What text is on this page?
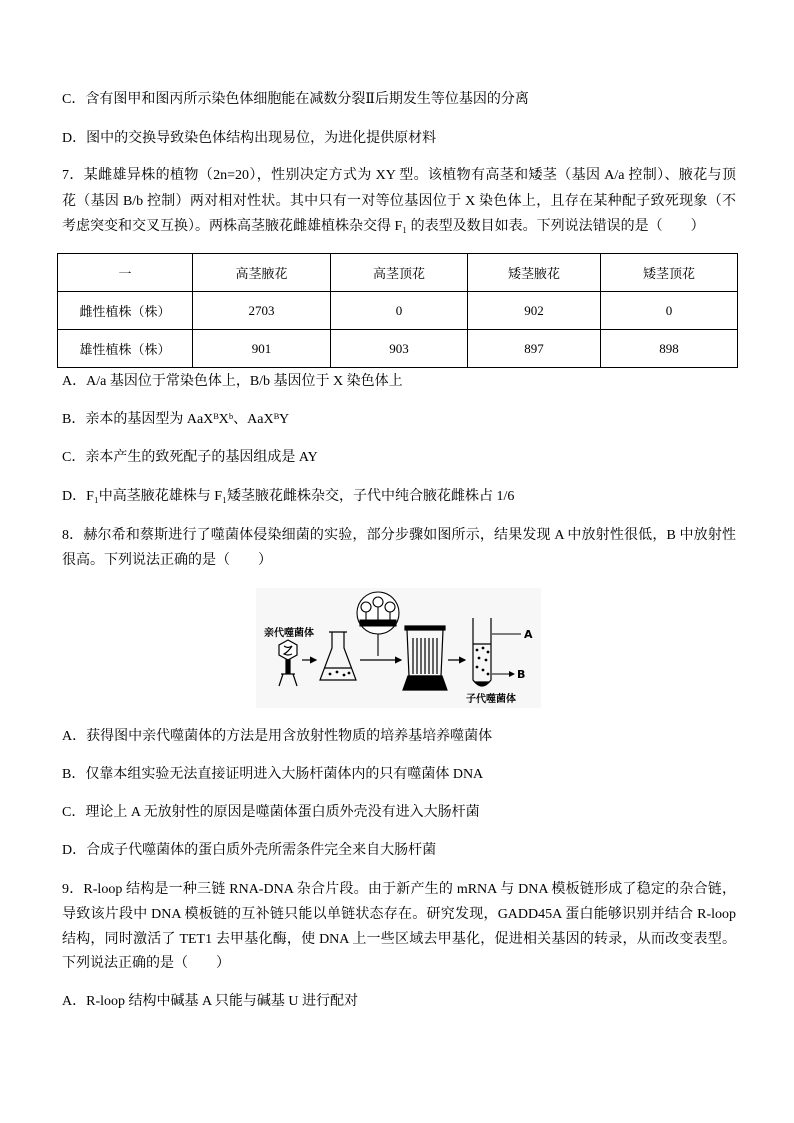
C．含有图甲和图丙所示染色体细胞能在减数分裂Ⅱ后期发生等位基因的分离
D．图中的交换导致染色体结构出现易位，为进化提供原材料
7．某雌雄异株的植物（2n=20），性别决定方式为 XY 型。该植物有高茎和矮茎（基因 A/a 控制）、腋花与顶
花（基因 B/b 控制）两对相对性状。其中只有一对等位基因位于 X 染色体上，且存在某种配子致死现象（不
考虑突变和交叉互换）。两株高茎腋花雌雄植株杂交得 F₁ 的表型及数目如表。下列说法错误的是（　　）
一	高茎腋花	高茎顶花	矮茎腋花	矮茎顶花
雌性植株（株）	2703	0	902	0
雄性植株（株）	901	903	897	898
A．A/a 基因位于常染色体上，B/b 基因位于 X 染色体上
B．亲本的基因型为 AaXᴮXᵇ、AaXᴮY
C．亲本产生的致死配子的基因组成是 AY
D．F₁中高茎腋花雄株与 F₁矮茎腋花雌株杂交，子代中纯合腋花雌株占 1/6
8．赫尔希和蔡斯进行了噬菌体侵染细菌的实验，部分步骤如图所示，结果发现 A 中放射性很低，B 中放射性
很高。下列说法正确的是（　　）
亲代噬菌体	A
B
子代噬菌体
A．获得图中亲代噬菌体的方法是用含放射性物质的培养基培养噬菌体
B．仅靠本组实验无法直接证明进入大肠杆菌体内的只有噬菌体 DNA
C．理论上 A 无放射性的原因是噬菌体蛋白质外壳没有进入大肠杆菌
D．合成子代噬菌体的蛋白质外壳所需条件完全来自大肠杆菌
9．R-loop 结构是一种三链 RNA-DNA 杂合片段。由于新产生的 mRNA 与 DNA 模板链形成了稳定的杂合链，
导致该片段中 DNA 模板链的互补链只能以单链状态存在。研究发现，GADD45A 蛋白能够识别并结合 R-loop
结构，同时激活了 TET1 去甲基化酶，使 DNA 上一些区域去甲基化，促进相关基因的转录，从而改变表型。
下列说法正确的是（　　）
A．R-loop 结构中碱基 A 只能与碱基 U 进行配对
